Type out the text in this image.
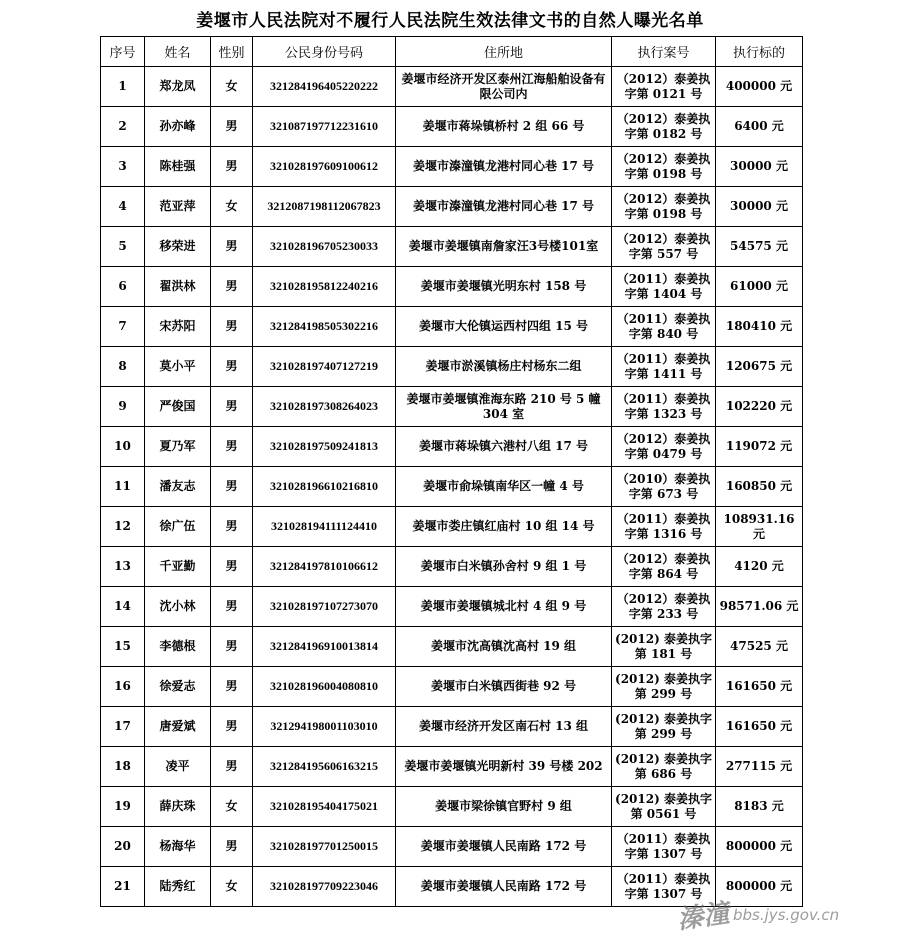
姜堰市人民法院对不履行人民法院生效法律文书的自然人曝光名单
序号	姓名	性别	公民身份号码	住所地	执行案号	执行标的
1	郑龙凤	女	321284196405220222	姜堰市经济开发区泰州江海船舶设备有限公司内	（2012）泰姜执字第 0121 号	400000 元
2	孙亦峰	男	321087197712231610	姜堰市蒋垛镇桥村 2 组 66 号	（2012）泰姜执字第 0182 号	6400 元
3	陈桂强	男	321028197609100612	姜堰市溱潼镇龙港村同心巷 17 号	（2012）泰姜执字第 0198 号	30000 元
4	范亚萍	女	3212087198112067823	姜堰市溱潼镇龙港村同心巷 17 号	（2012）泰姜执字第 0198 号	30000 元
5	移荣进	男	321028196705230033	姜堰市姜堰镇南詹家汪3号楼101室	（2012）泰姜执字第 557 号	54575 元
6	翟洪林	男	321028195812240216	姜堰市姜堰镇光明东村 158 号	（2011）泰姜执字第 1404 号	61000 元
7	宋苏阳	男	321284198505302216	姜堰市大伦镇运西村四组 15 号	（2011）泰姜执字第 840 号	180410 元
8	莫小平	男	321028197407127219	姜堰市淤溪镇杨庄村杨东二组	（2011）泰姜执字第 1411 号	120675 元
9	严俊国	男	321028197308264023	姜堰市姜堰镇淮海东路 210 号 5 幢 304 室	（2011）泰姜执字第 1323 号	102220 元
10	夏乃军	男	321028197509241813	姜堰市蒋垛镇六港村八组 17 号	（2012）泰姜执字第 0479 号	119072 元
11	潘友志	男	321028196610216810	姜堰市俞垛镇南华区一幢 4 号	（2010）泰姜执字第 673 号	160850 元
12	徐广伍	男	321028194111124410	姜堰市娄庄镇红庙村 10 组 14 号	（2011）泰姜执字第 1316 号	108931.16 元
13	千亚勤	男	321284197810106612	姜堰市白米镇孙舍村 9 组 1 号	（2012）泰姜执字第 864 号	4120 元
14	沈小林	男	321028197107273070	姜堰市姜堰镇城北村 4 组 9 号	（2012）泰姜执字第 233 号	98571.06 元
15	李德根	男	321284196910013814	姜堰市沈高镇沈高村 19 组	(2012) 泰姜执字第 181 号	47525 元
16	徐爱志	男	321028196004080810	姜堰市白米镇西街巷 92 号	(2012) 泰姜执字第 299 号	161650 元
17	唐爱斌	男	321294198001103010	姜堰市经济开发区南石村 13 组	(2012) 泰姜执字第 299 号	161650 元
18	凌平	男	321284195606163215	姜堰市姜堰镇光明新村 39 号楼 202	(2012) 泰姜执字第 686 号	277115 元
19	薛庆珠	女	321028195404175021	姜堰市梁徐镇官野村 9 组	(2012) 泰姜执字第 0561 号	8183 元
20	杨海华	男	321028197701250015	姜堰市姜堰镇人民南路 172 号	（2011）泰姜执字第 1307 号	800000 元
21	陆秀红	女	321028197709223046	姜堰市姜堰镇人民南路 172 号	（2011）泰姜执字第 1307 号	800000 元
溱潼 bbs.jys.gov.cn
